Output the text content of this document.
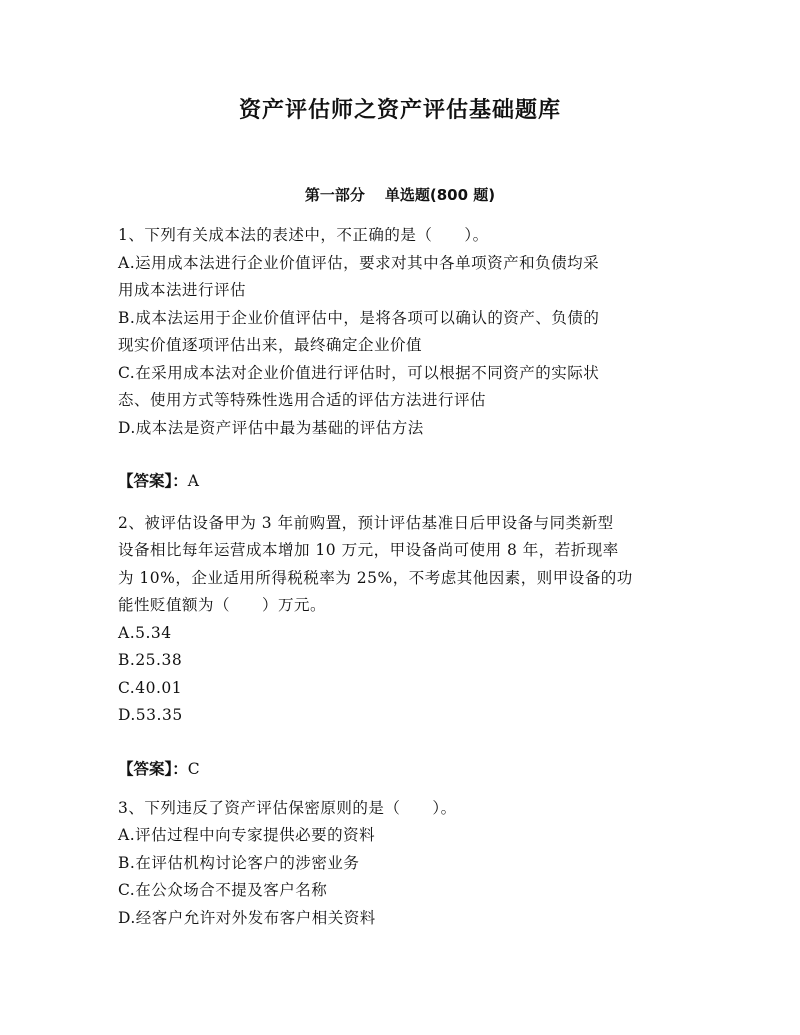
资产评估师之资产评估基础题库
第一部分 单选题(800 题)
1、下列有关成本法的表述中，不正确的是（　　）。
A.运用成本法进行企业价值评估，要求对其中各单项资产和负债均采
用成本法进行评估
B.成本法运用于企业价值评估中，是将各项可以确认的资产、负债的
现实价值逐项评估出来，最终确定企业价值
C.在采用成本法对企业价值进行评估时，可以根据不同资产的实际状
态、使用方式等特殊性选用合适的评估方法进行评估
D.成本法是资产评估中最为基础的评估方法
【答案】：A
2、被评估设备甲为 3 年前购置，预计评估基准日后甲设备与同类新型
设备相比每年运营成本增加 10 万元，甲设备尚可使用 8 年，若折现率
为 10%，企业适用所得税税率为 25%，不考虑其他因素，则甲设备的功
能性贬值额为（　　）万元。
A.5.34
B.25.38
C.40.01
D.53.35
【答案】：C
3、下列违反了资产评估保密原则的是（　　）。
A.评估过程中向专家提供必要的资料
B.在评估机构讨论客户的涉密业务
C.在公众场合不提及客户名称
D.经客户允许对外发布客户相关资料
